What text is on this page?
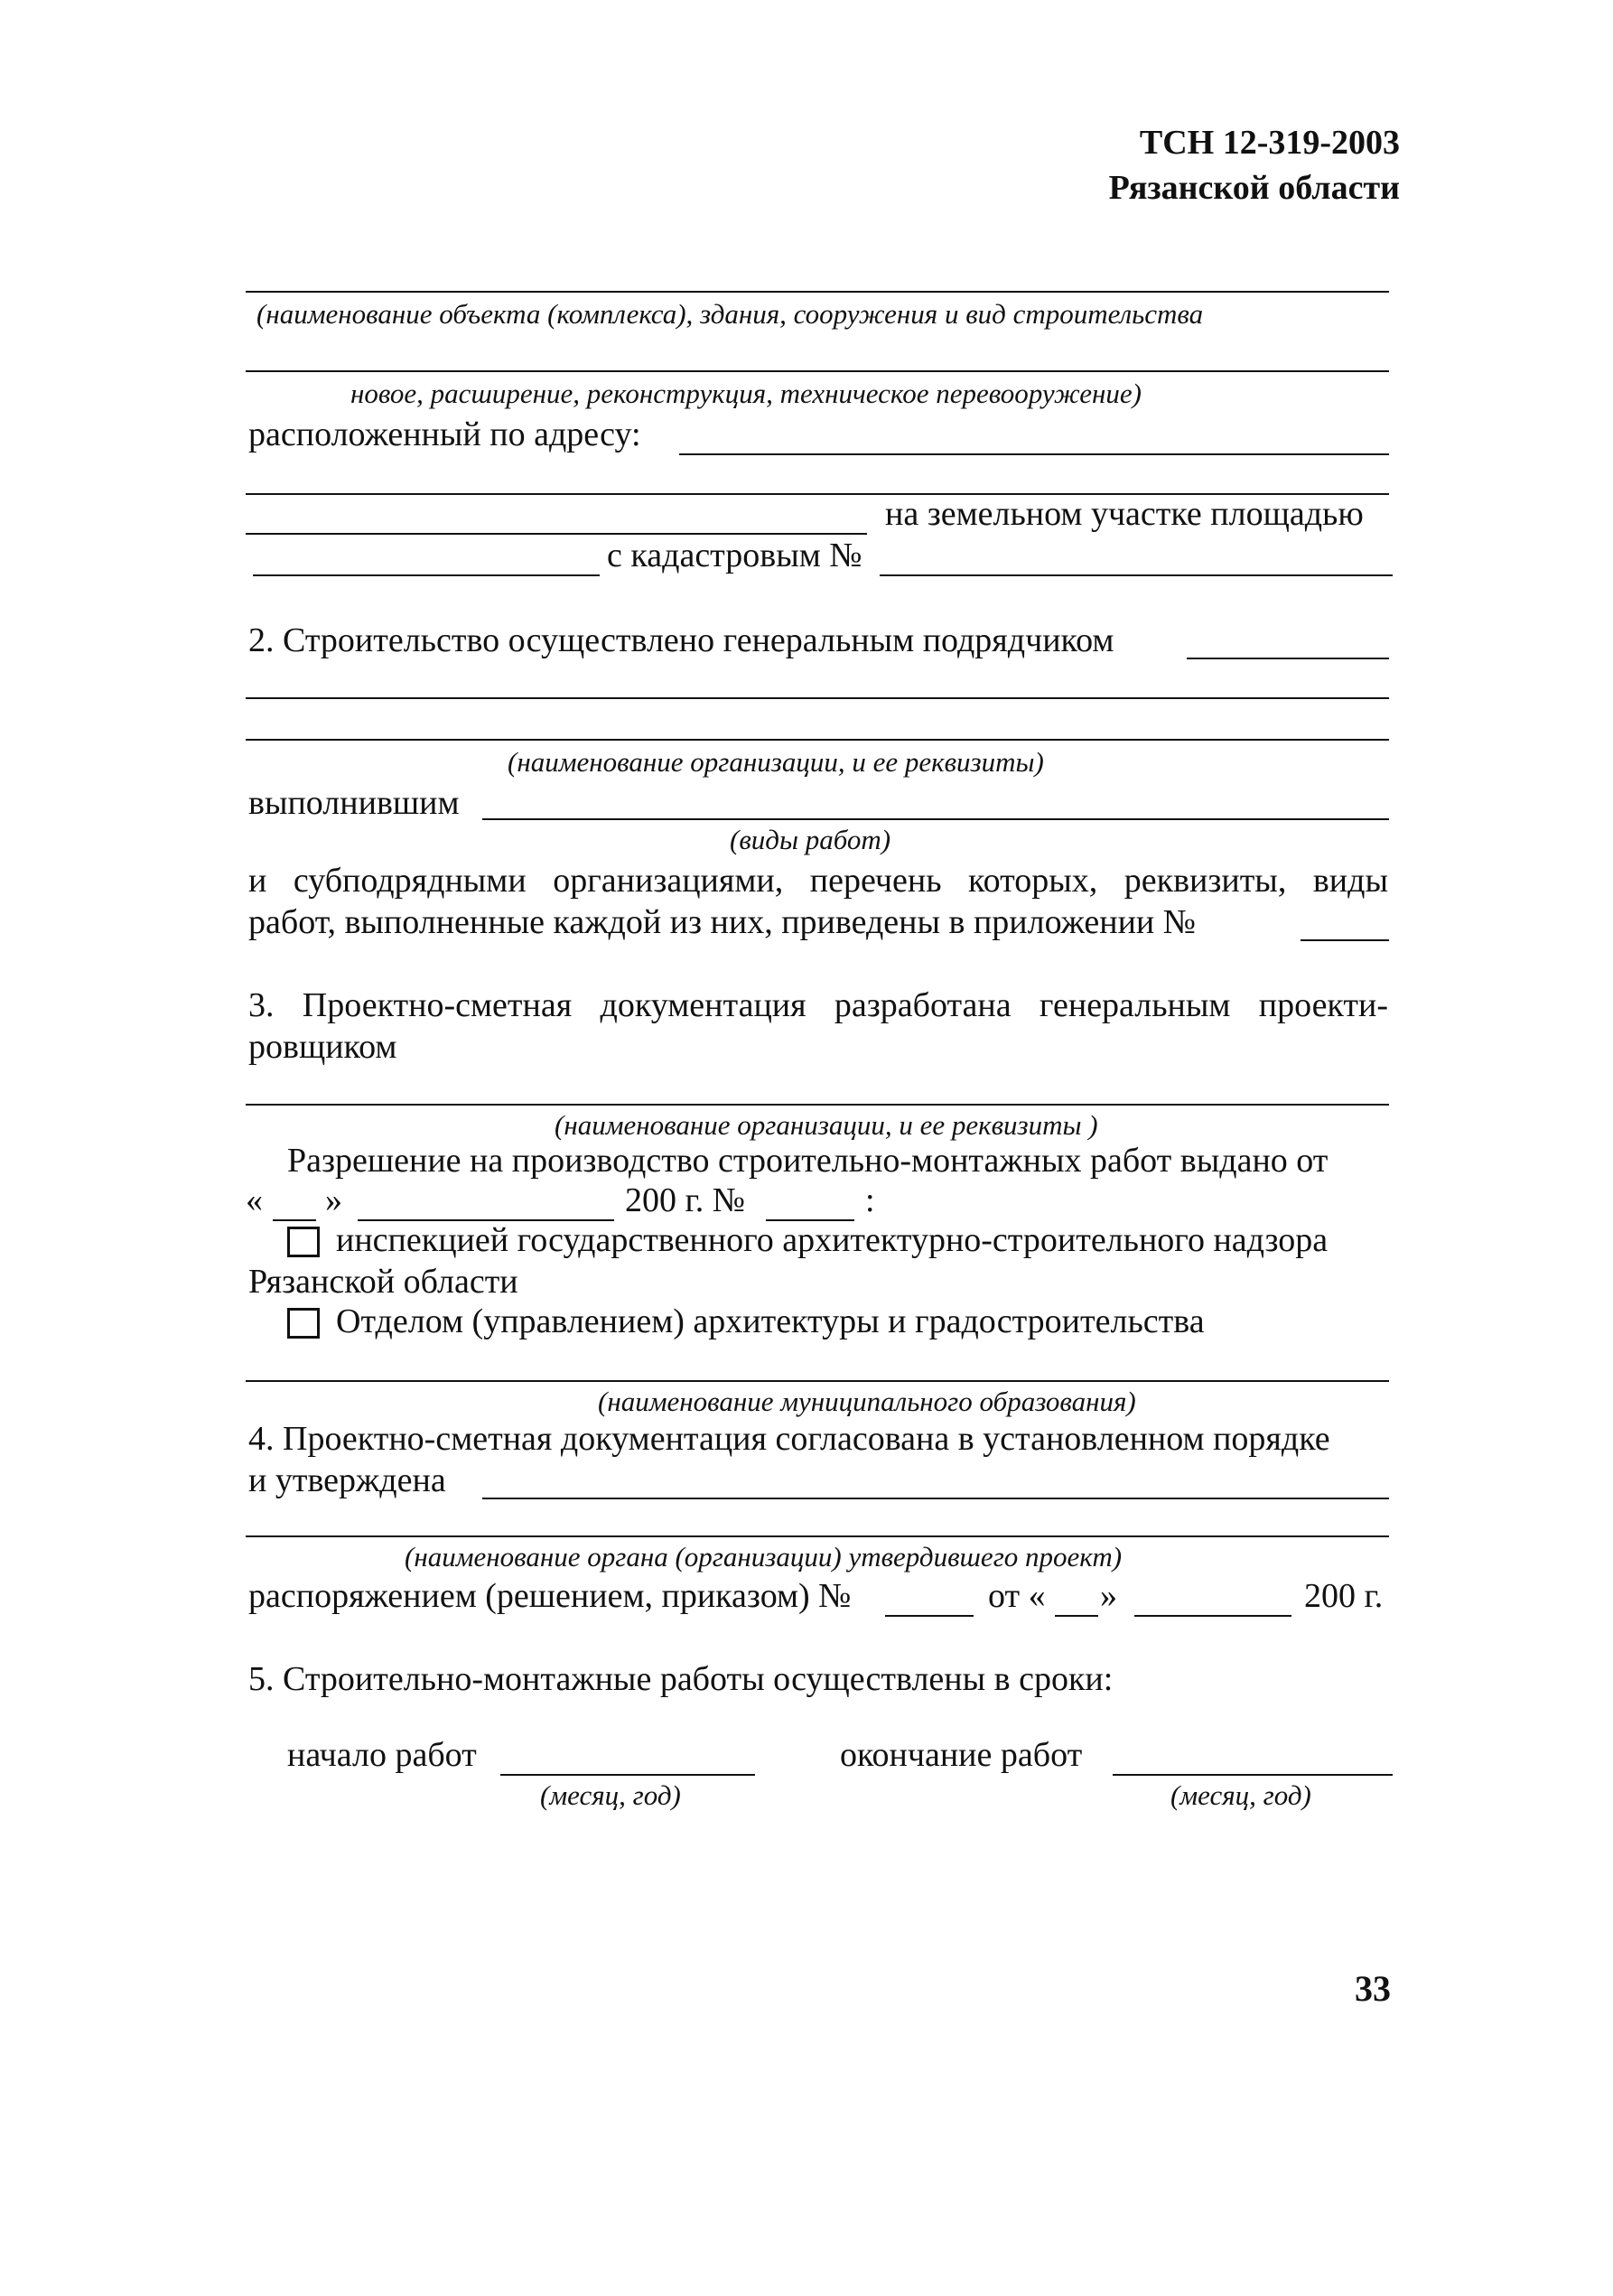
ТСН 12-319-2003
Рязанской области
(наименование объекта (комплекса), здания, сооружения и вид строительства
новое, расширение, реконструкция, техническое перевооружение)
расположенный по адресу:
на земельном участке площадью
с кадастровым №
2. Строительство осуществлено генеральным подрядчиком
(наименование организации, и ее реквизиты)
выполнившим
(виды работ)
и субподрядными организациями, перечень которых, реквизиты, виды
работ, выполненные каждой из них, приведены в приложении №
3. Проектно-сметная документация разработана генеральным проекти-
ровщиком
(наименование организации, и ее реквизиты )
Разрешение на производство строительно-монтажных работ выдано от
« »	200 г. №	:
инспекцией государственного архитектурно-строительного надзора
Рязанской области
Отделом (управлением) архитектуры и градостроительства
(наименование муниципального образования)
4. Проектно-сметная документация согласована в установленном порядке
и утверждена
(наименование органа (организации) утвердившего проект)
распоряжением (решением, приказом) №	от « »	200 г.
5. Строительно-монтажные работы осуществлены в сроки:
начало работ
(месяц, год)
окончание работ
(месяц, год)
33
